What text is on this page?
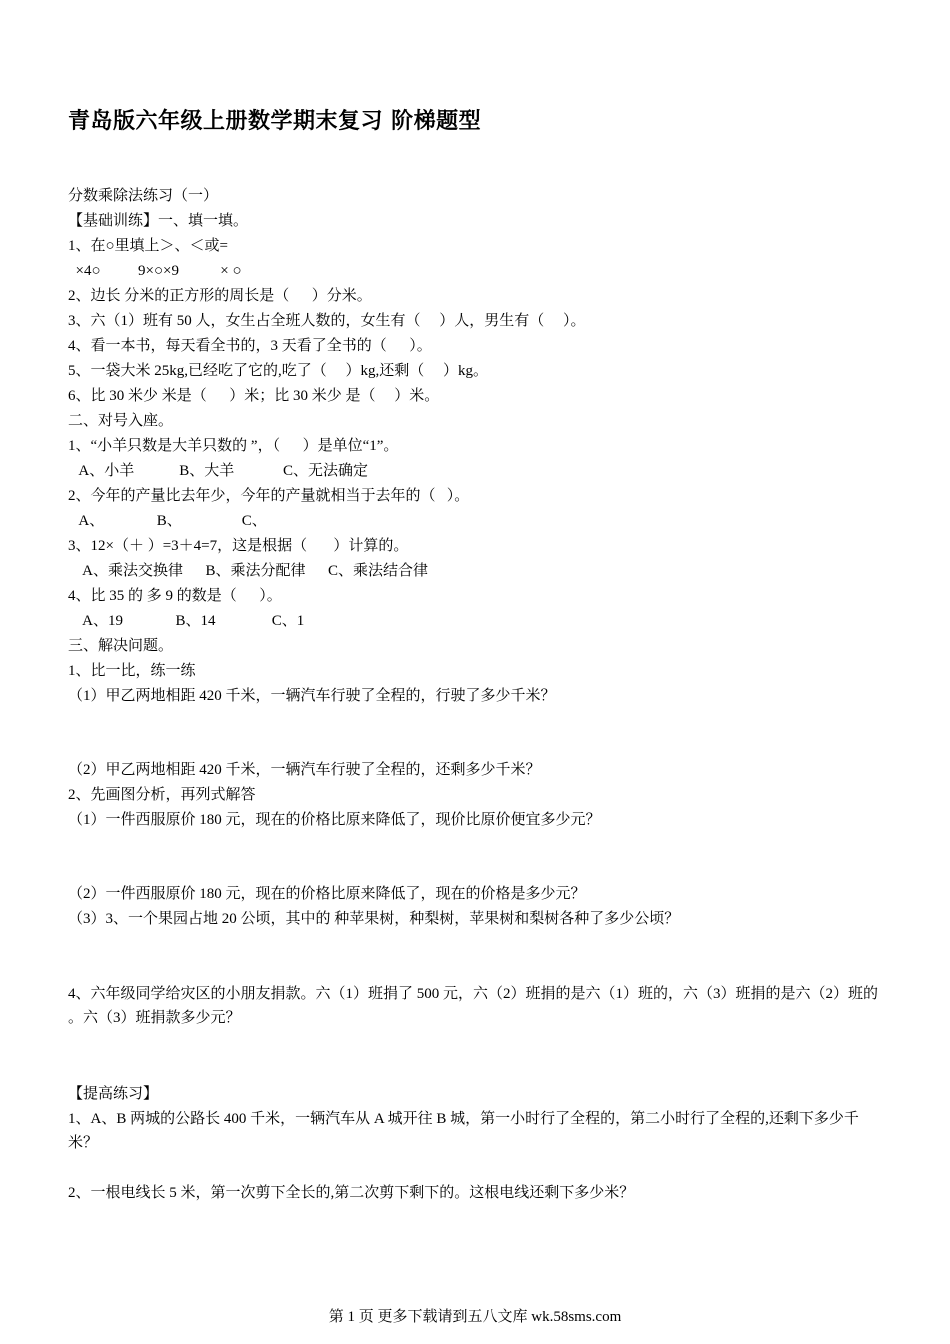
青岛版六年级上册数学期末复习 阶梯题型
分数乘除法练习（一）
【基础训练】一、填一填。
1、在○里填上＞、＜或=
×4○          9×○×9           × ○
2、边长 分米的正方形的周长是（      ）分米。
3、六（1）班有 50 人，女生占全班人数的，女生有（     ）人，男生有（     ）。
4、看一本书，每天看全书的，3 天看了全书的（      ）。
5、一袋大米 25kg,已经吃了它的,吃了（     ）kg,还剩（     ）kg。
6、比 30 米少 米是（      ）米；比 30 米少 是（     ）米。
二、对号入座。
1、“小羊只数是大羊只数的 ”，（      ）是单位“1”。
A、小羊            B、大羊             C、无法确定
2、今年的产量比去年少，今年的产量就相当于去年的（   ）。
A、              B、                C、
3、12×（＋ ）=3＋4=7，这是根据（       ）计算的。
A、乘法交换律      B、乘法分配律      C、乘法结合律
4、比 35 的 多 9 的数是（      ）。
A、19              B、14               C、1
三、解决问题。
1、比一比，练一练
（1）甲乙两地相距 420 千米，一辆汽车行驶了全程的，行驶了多少千米？
（2）甲乙两地相距 420 千米，一辆汽车行驶了全程的，还剩多少千米？
2、先画图分析，再列式解答
（1）一件西服原价 180 元，现在的价格比原来降低了，现价比原价便宜多少元？
（2）一件西服原价 180 元，现在的价格比原来降低了，现在的价格是多少元？
（3）3、一个果园占地 20 公顷，其中的 种苹果树，种梨树，苹果树和梨树各种了多少公顷？
4、六年级同学给灾区的小朋友捐款。六（1）班捐了 500 元，六（2）班捐的是六（1）班的，六（3）班捐的是六（2）班的 。六（3）班捐款多少元？
【提高练习】
1、A、B 两城的公路长 400 千米，一辆汽车从 A 城开往 B 城，第一小时行了全程的，第二小时行了全程的,还剩下多少千米？
2、一根电线长 5 米，第一次剪下全长的,第二次剪下剩下的。这根电线还剩下多少米？
第 1 页 更多下载请到五八文库 wk.58sms.com
